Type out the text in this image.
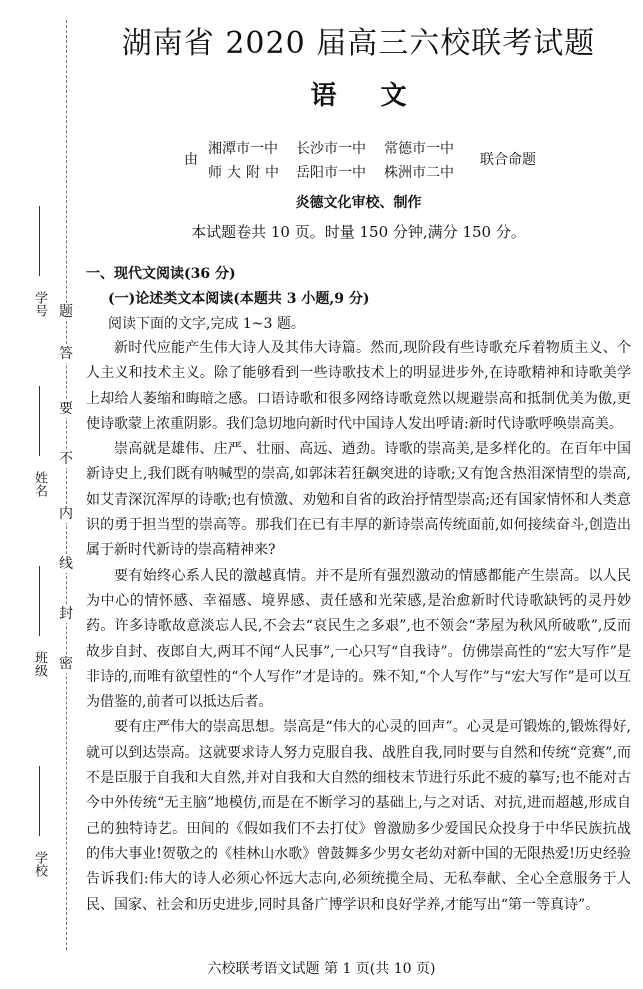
学号
姓名
班级
学校
题
答
要
不
内
线
封
密
湖南省 2020 届高三六校联考试题
语文
由
湘潭市一中 长沙市一中 常德市一中
师大附中 岳阳市一中 株洲市二中
联合命题
炎德文化审校、制作
本试题卷共 10 页。时量 150 分钟,满分 150 分。
一、现代文阅读(36 分)
(一)论述类文本阅读(本题共 3 小题,9 分)
阅读下面的文字,完成 1~3 题。

新时代应能产生伟大诗人及其伟大诗篇。然而,现阶段有些诗歌充斥着物质主义、个人主义和技术主义。除了能够看到一些诗歌技术上的明显进步外,在诗歌精神和诗歌美学上却给人萎缩和晦暗之感。口语诗歌和很多网络诗歌竟然以规避崇高和抵制优美为傲,更使诗歌蒙上浓重阴影。我们急切地向新时代中国诗人发出呼请:新时代诗歌呼唤崇高美。

崇高就是雄伟、庄严、壮丽、高远、遒劲。诗歌的崇高美,是多样化的。在百年中国新诗史上,我们既有呐喊型的崇高,如郭沫若狂飙突进的诗歌;又有饱含热泪深情型的崇高,如艾青深沉浑厚的诗歌;也有愤激、劝勉和自省的政治抒情型崇高;还有国家情怀和人类意识的勇于担当型的崇高等。那我们在已有丰厚的新诗崇高传统面前,如何接续奋斗,创造出属于新时代新诗的崇高精神来?

要有始终心系人民的激越真情。并不是所有强烈激动的情感都能产生崇高。以人民为中心的情怀感、幸福感、境界感、责任感和光荣感,是治愈新时代诗歌缺钙的灵丹妙药。许多诗歌故意淡忘人民,不会去“哀民生之多艰”,也不领会“茅屋为秋风所破歌”,反而故步自封、夜郎自大,两耳不闻“人民事”,一心只写“自我诗”。仿佛崇高性的“宏大写作”是非诗的,而唯有欲望性的“个人写作”才是诗的。殊不知,“个人写作”与“宏大写作”是可以互为借鉴的,前者可以抵达后者。

要有庄严伟大的崇高思想。崇高是“伟大的心灵的回声”。心灵是可锻炼的,锻炼得好,就可以到达崇高。这就要求诗人努力克服自我、战胜自我,同时要与自然和传统“竞赛”,而不是臣服于自我和大自然,并对自我和大自然的细枝末节进行乐此不疲的摹写;也不能对古今中外传统“无主脑”地模仿,而是在不断学习的基础上,与之对话、对抗,进而超越,形成自己的独特诗艺。田间的《假如我们不去打仗》曾激励多少爱国民众投身于中华民族抗战的伟大事业!贺敬之的《桂林山水歌》曾鼓舞多少男女老幼对新中国的无限热爱!历史经验告诉我们:伟大的诗人必须心怀远大志向,必须统揽全局、无私奉献、全心全意服务于人民、国家、社会和历史进步,同时具备广博学识和良好学养,才能写出“第一等真诗”。

六校联考语文试题 第 1 页(共 10 页)
